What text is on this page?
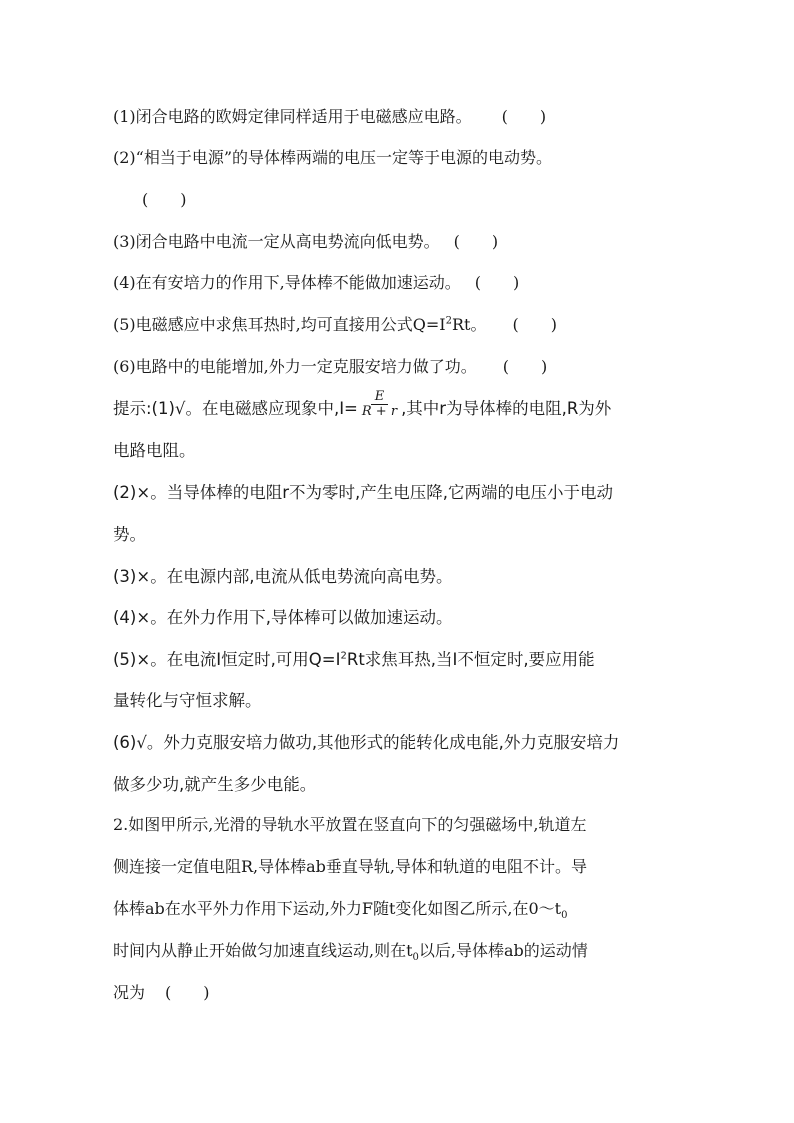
(1)闭合电路的欧姆定律同样适用于电磁感应电路。 (　　)
(2)“相当于电源”的导体棒两端的电压一定等于电源的电动势。
(　　)
(3)闭合电路中电流一定从高电势流向低电势。 (　　)
(4)在有安培力的作用下,导体棒不能做加速运动。 (　　)
(5)电磁感应中求焦耳热时,均可直接用公式$Q=I^2Rt$。 (　　)
(6)电路中的电能增加,外力一定克服安培力做了功。 (　　)
提示:(1)√。在电磁感应现象中$,I= \frac{E}{R + r}$ ,其中r为导体棒的电阻,R为外
电路电阻。
(2)×。当导体棒的电阻r不为零时,产生电压降,它两端的电压小于电动
势。
(3)×。在电源内部,电流从低电势流向高电势。
(4)×。在外力作用下,导体棒可以做加速运动。
(5)×。在电流I恒定时,可用$Q=I^2Rt$求焦耳热,当I不恒定时,要应用能
量转化与守恒求解。
(6)√。外力克服安培力做功,其他形式的能转化成电能,外力克服安培力
做多少功,就产生多少电能。
2.如图甲所示,光滑的导轨水平放置在竖直向下的匀强磁场中,轨道左
侧连接一定值电阻R,导体棒ab垂直导轨,导体和轨道的电阻不计。导
体棒ab在水平外力作用下运动,外力F随t变化如图乙所示,在$0\sim t_0$
时间内从静止开始做匀加速直线运动,则在$t_0$以后,导体棒ab的运动情
况为 (　　)
